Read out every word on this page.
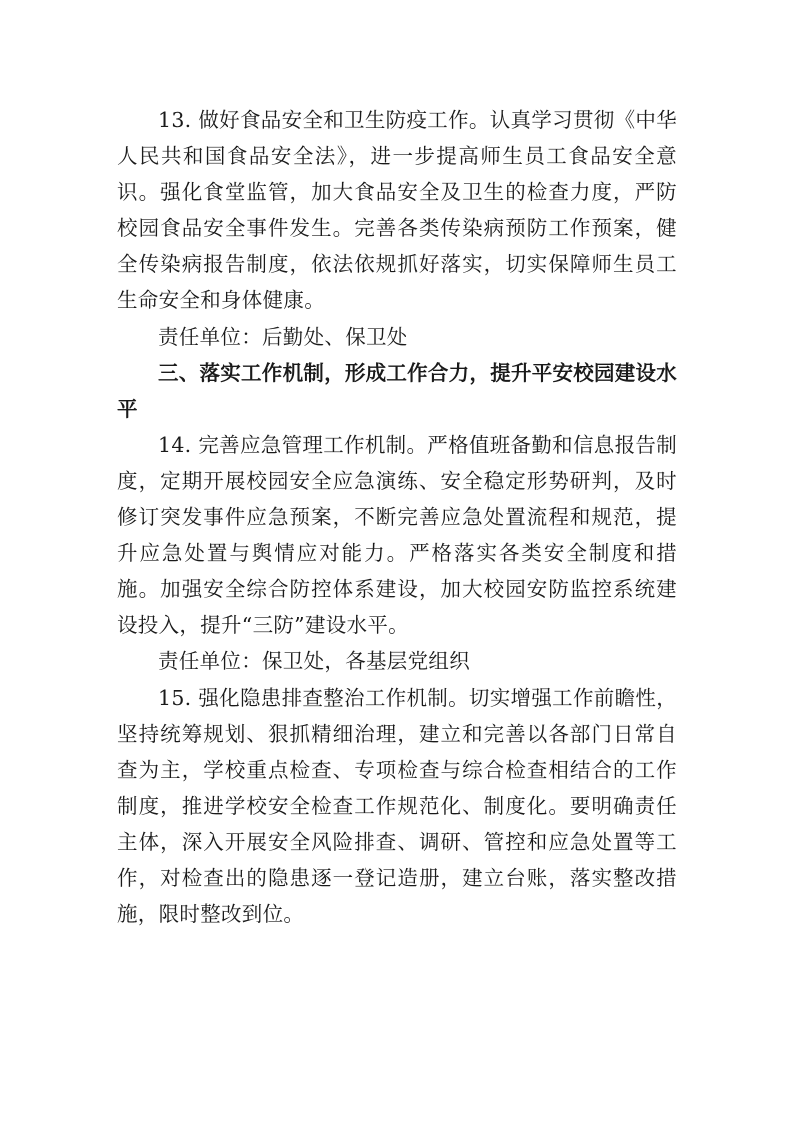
13. 做好食品安全和卫生防疫工作。认真学习贯彻《中华人民共和国食品安全法》，进一步提高师生员工食品安全意识。强化食堂监管，加大食品安全及卫生的检查力度，严防校园食品安全事件发生。完善各类传染病预防工作预案，健全传染病报告制度，依法依规抓好落实，切实保障师生员工生命安全和身体健康。

责任单位：后勤处、保卫处

三、落实工作机制，形成工作合力，提升平安校园建设水平

14. 完善应急管理工作机制。严格值班备勤和信息报告制度，定期开展校园安全应急演练、安全稳定形势研判，及时修订突发事件应急预案，不断完善应急处置流程和规范，提升应急处置与舆情应对能力。严格落实各类安全制度和措施。加强安全综合防控体系建设，加大校园安防监控系统建设投入，提升“三防”建设水平。

责任单位：保卫处，各基层党组织

15. 强化隐患排查整治工作机制。切实增强工作前瞻性，坚持统筹规划、狠抓精细治理，建立和完善以各部门日常自查为主，学校重点检查、专项检查与综合检查相结合的工作制度，推进学校安全检查工作规范化、制度化。要明确责任主体，深入开展安全风险排查、调研、管控和应急处置等工作，对检查出的隐患逐一登记造册，建立台账，落实整改措施，限时整改到位。
